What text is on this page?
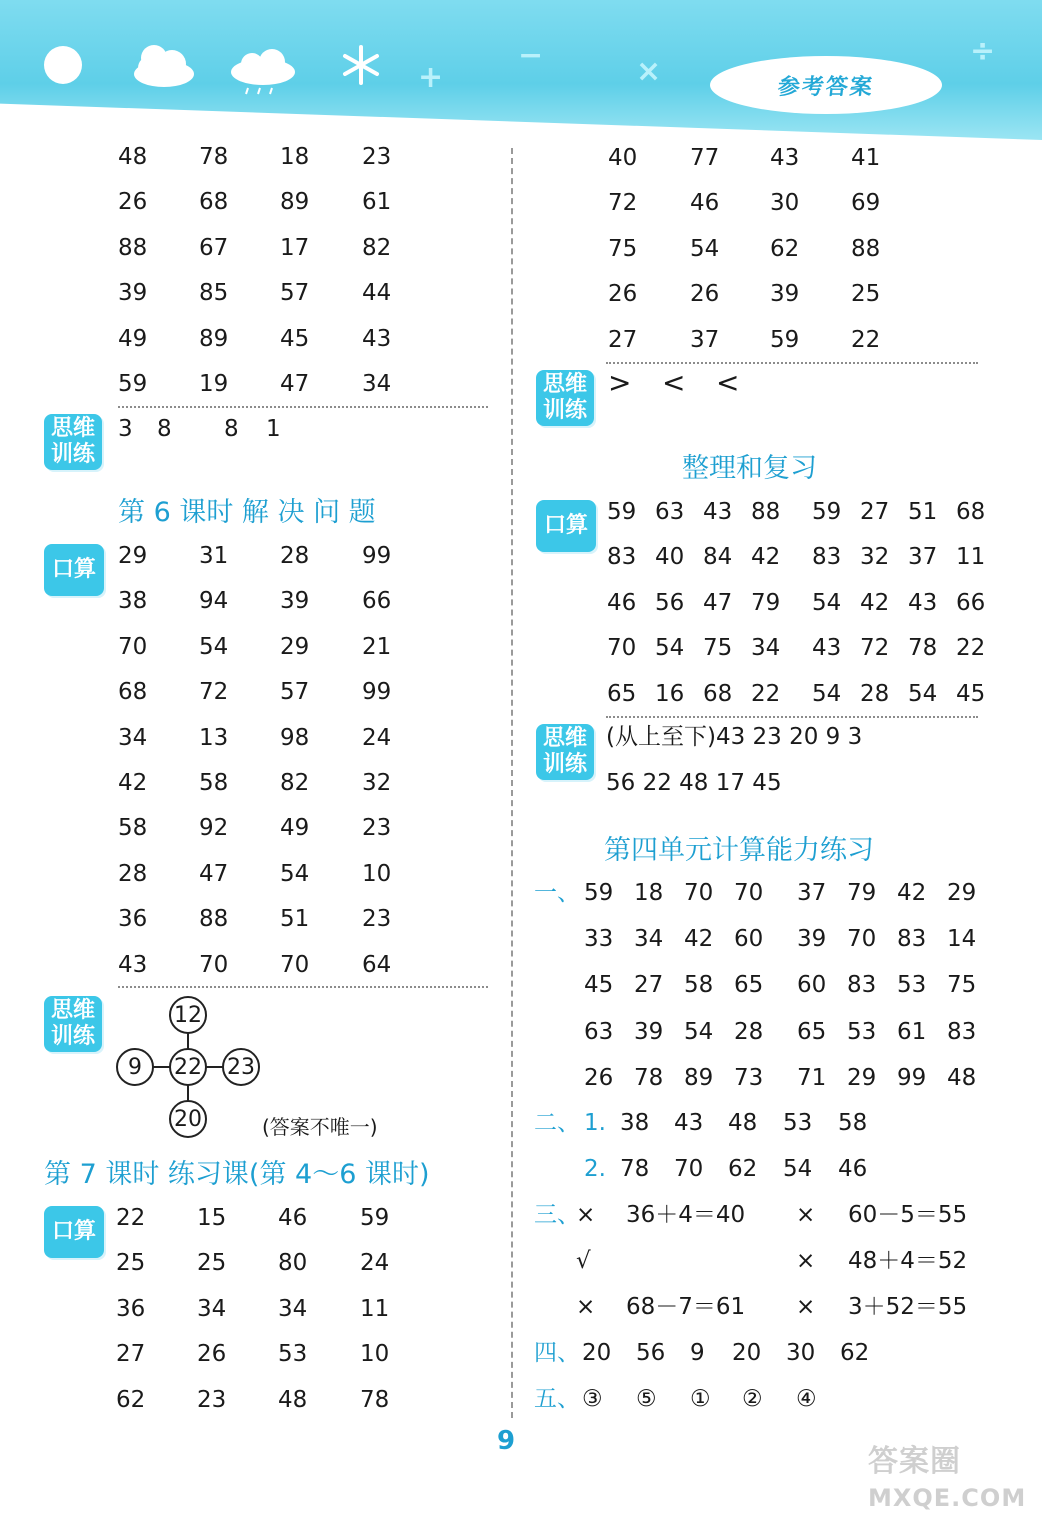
+
−	×
÷
参考答案
48 78 18 23
26 68 89 61
88 67 17 82
39 85 57 44
49 89 45 43
59 19 47 34
思维
训练
3 8 8 1
第 6 课时 解 决 问 题
口算
29 31 28 99
38 94 39 66
70 54 29 21
68 72 57 99
34 13 98 24
42 58 82 32
58 92 49 23
28 47 54 10
36 88 51 23
43 70 70 64
思维
训练
12
9	22 23
20	(答案不唯一)
第 7 课时 练习课(第 4～6 课时)
口算
22 15 46 59
25 25 80 24
36 34 34 11
27 26 53 10
62 23 48 78
40 77 43 41
72 46 30 69
75 54 62 88
26 26 39 25
27 37 59 22
思维
训练
> < <
整理和复习
口算
59 63 43 88 59 27 51 68
83 40 84 42 83 32 37 11
46 56 47 79 54 42 43 66
70 54 75 34 43 72 78 22
65 16 68 22 54 28 54 45
思维
训练
(从上至下)43 23 20 9 3
56 22 48 17 45
第四单元计算能力练习
一、 59 18 70 70 37 79 42 29
33 34 42 60 39 70 83 14
45 27 58 65 60 83 53 75
63 39 54 28 65 53 61 83
26 78 89 73 71 29 99 48
二、 1. 38 43 48 53 58
2. 78 70 62 54 46
三、
× 36＋4＝40 × 60－5＝55
√	× 48＋4＝52
× 68－7＝61 × 3＋52＝55
四、 20 56 9 20 30 62
五、 ③ ⑤ ① ② ④
9
答案圈
MXQE.COM
